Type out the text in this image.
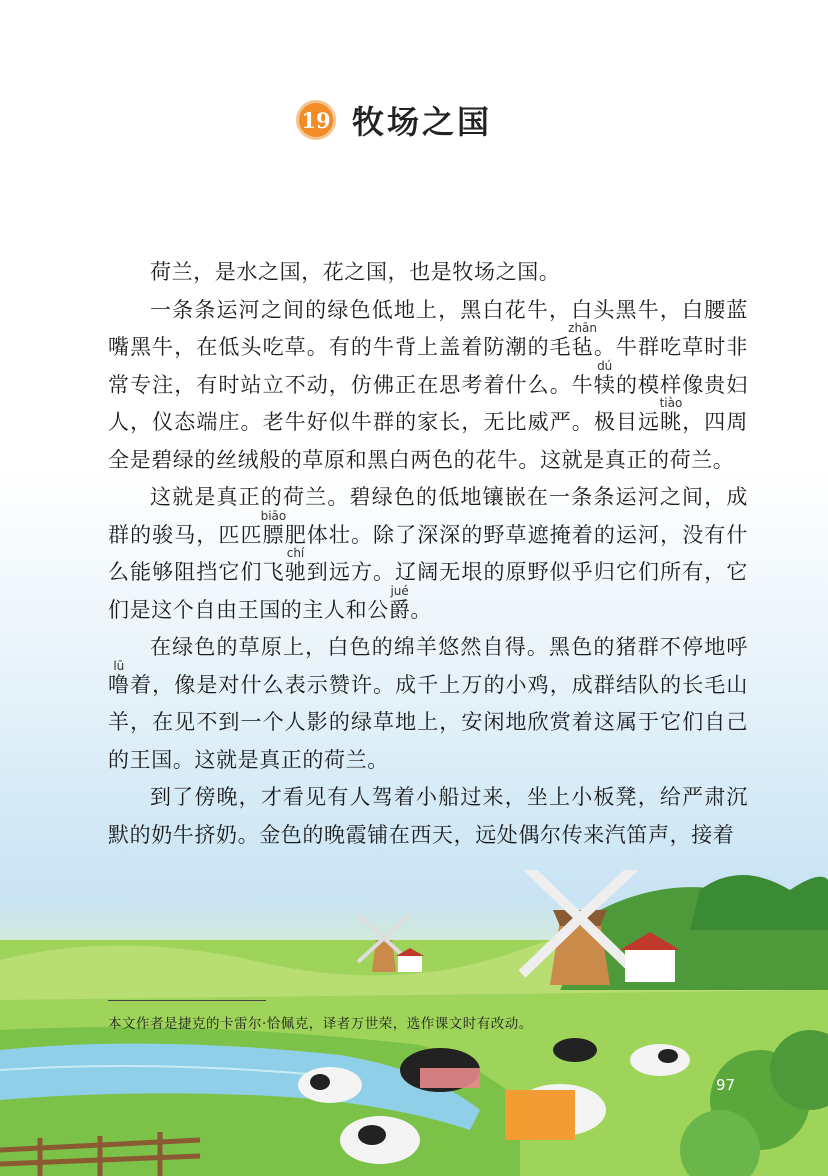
19 牧场之国

荷兰，是水之国，花之国，也是牧场之国。

一条条运河之间的绿色低地上，黑白花牛，白头黑牛，白腰蓝嘴黑牛，在低头吃草。有的牛背上盖着防潮的毛毡zhān。牛群吃草时非常专注，有时站立不动，仿佛正在思考着什么。牛犊dú的模样像贵妇人，仪态端庄。老牛好似牛群的家长，无比威严。极目远眺tiào，四周全是碧绿的丝绒般的草原和黑白两色的花牛。这就是真正的荷兰。

这就是真正的荷兰。碧绿色的低地镶嵌在一条条运河之间，成群的骏马，匹匹膘biāo肥体壮。除了深深的野草遮掩着的运河，没有什么能够阻挡它们飞驰chí到远方。辽阔无垠的原野似乎归它们所有，它们是这个自由王国的主人和公爵jué。

在绿色的草原上，白色的绵羊悠然自得。黑色的猪群不停地呼噜lū着，像是对什么表示赞许。成千上万的小鸡，成群结队的长毛山羊，在见不到一个人影的绿草地上，安闲地欣赏着这属于它们自己的王国。这就是真正的荷兰。

到了傍晚，才看见有人驾着小船过来，坐上小板凳，给严肃沉默的奶牛挤奶。金色的晚霞铺在西天，远处偶尔传来汽笛声，接着

本文作者是捷克的卡雷尔·恰佩克，译者万世荣，选作课文时有改动。
97
